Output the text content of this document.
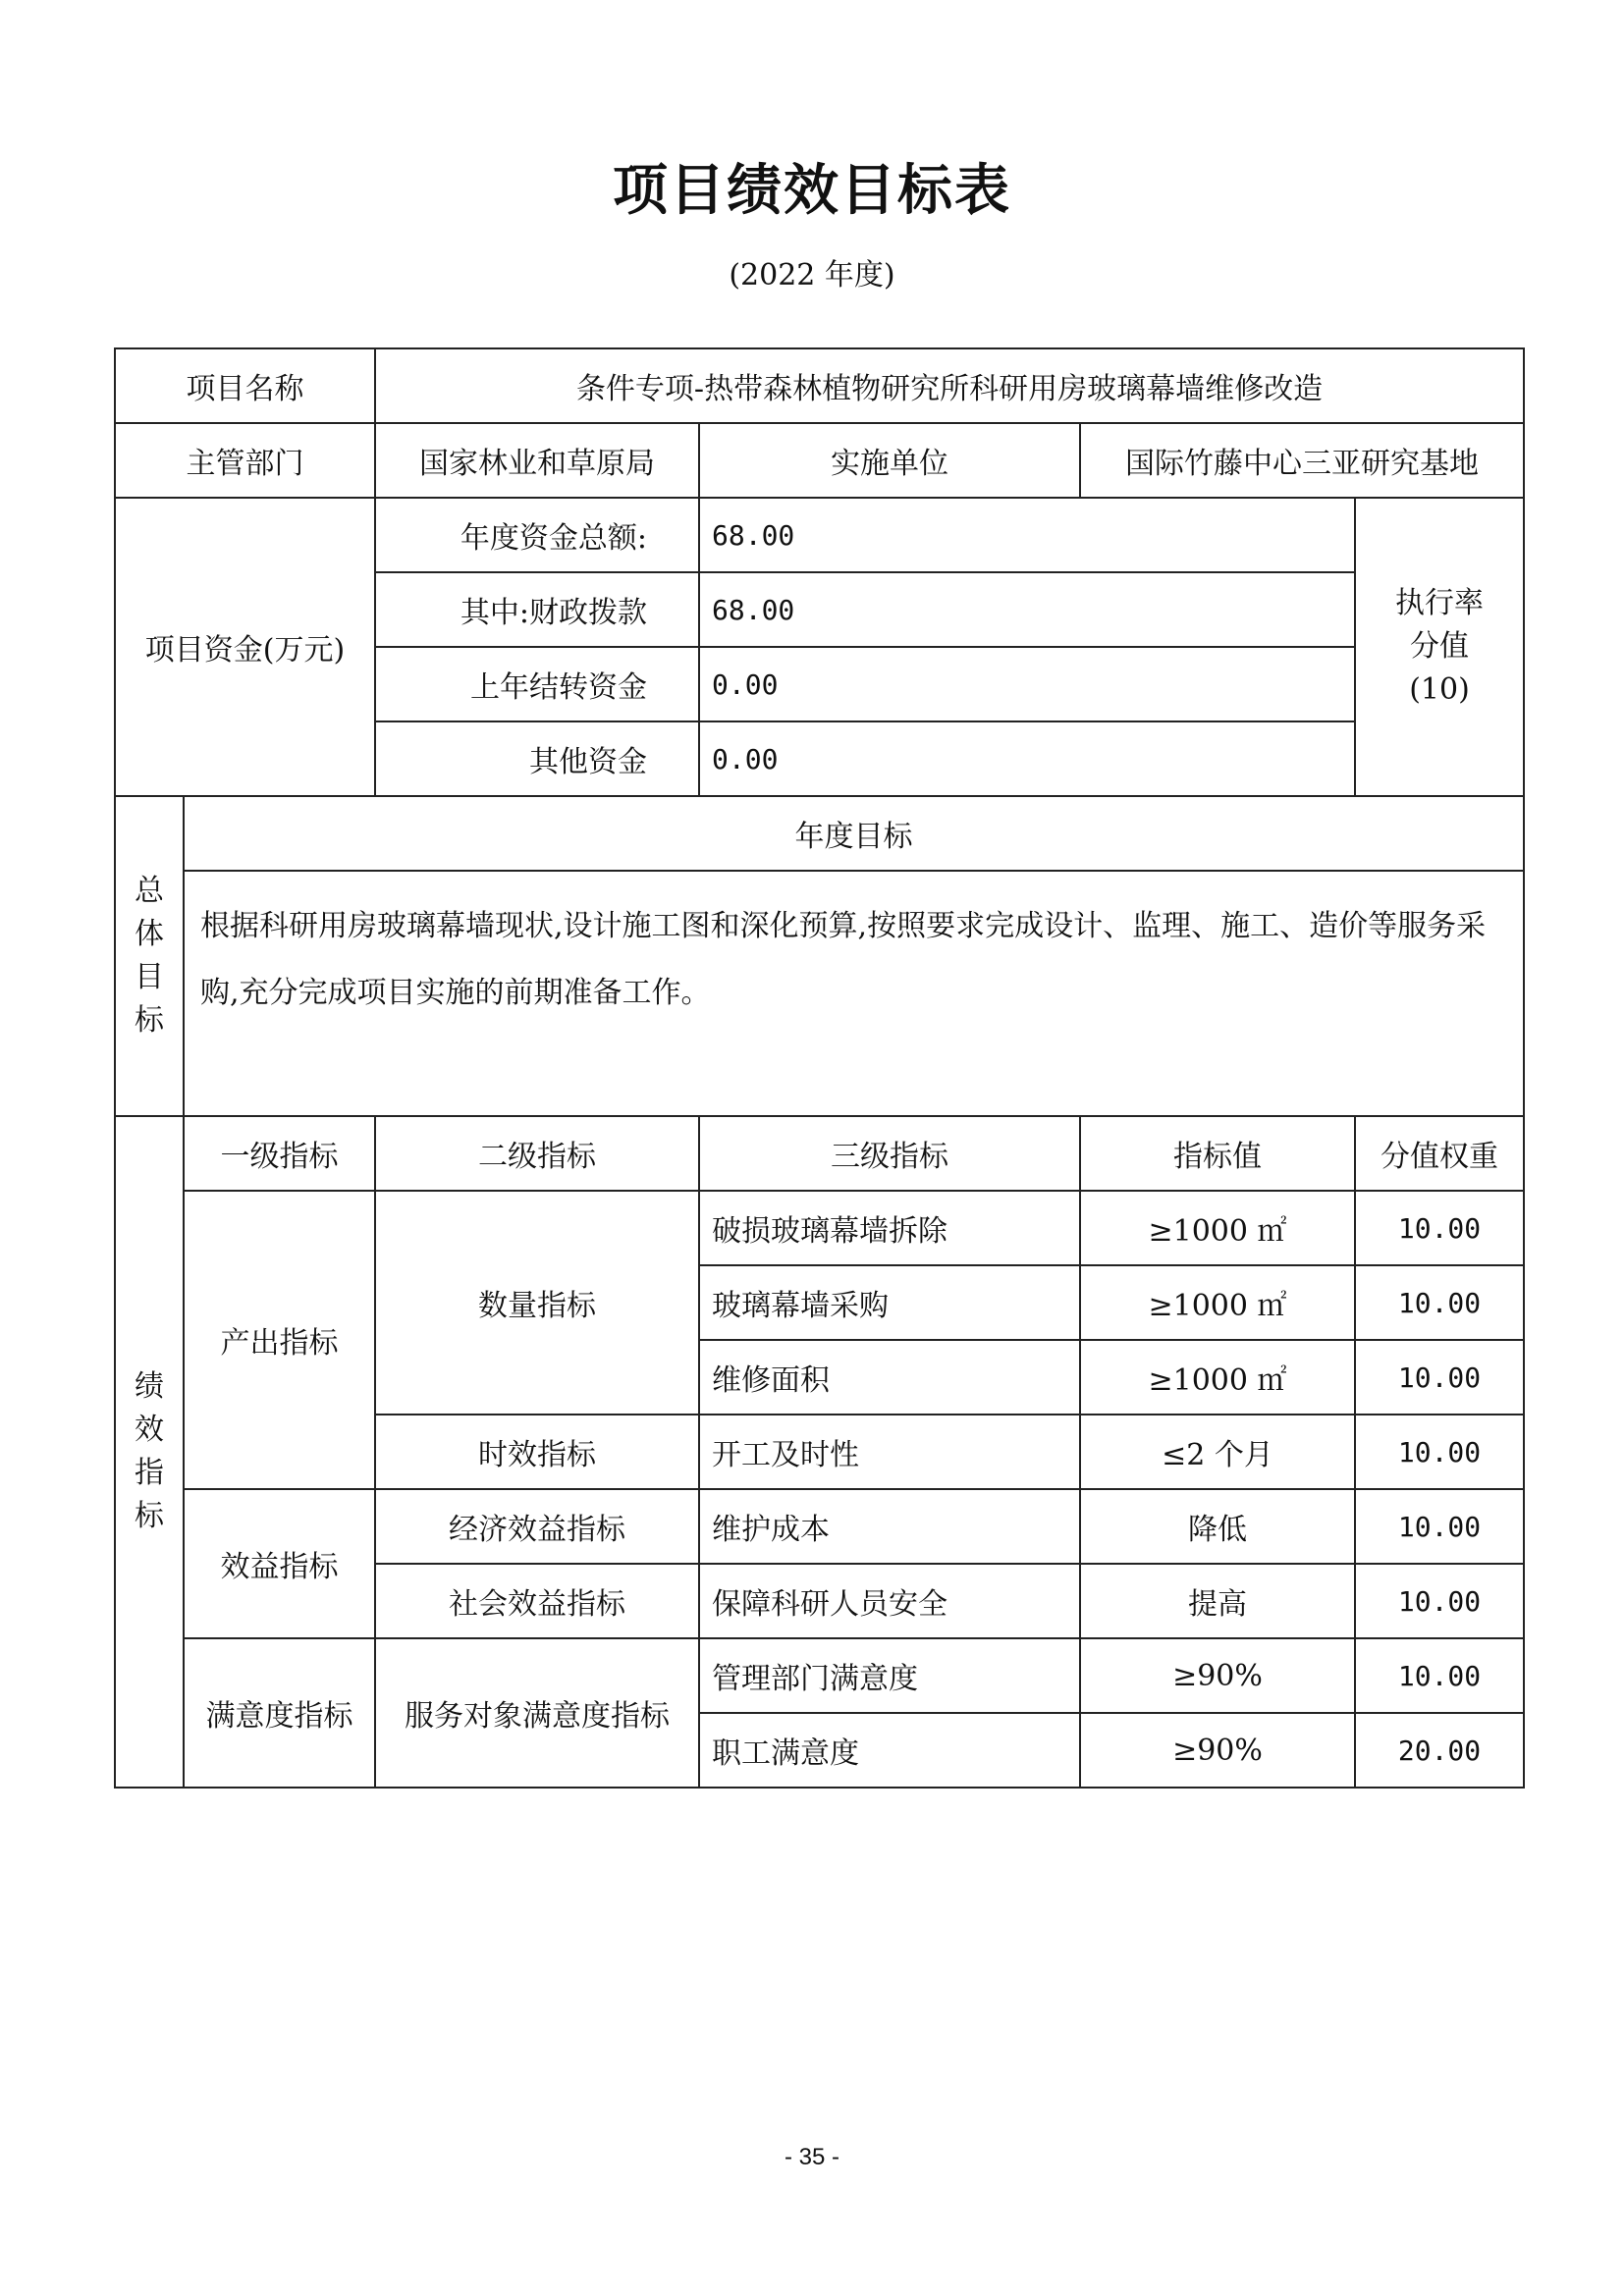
项目绩效目标表
(2022 年度)
项目名称		条件专项-热带森林植物研究所科研用房玻璃幕墙维修改造			
主管部门		国家林业和草原局	实施单位	国际竹藤中心三亚研究基地	
项目资金(万元)		年度资金总额:	68.00		执行率
分值
(10)

		其中:财政拨款	68.00		
		上年结转资金	0.00		
		其他资金	0.00		

总
体
目
标	年度目标				
	根据科研用房玻璃幕墙现状,设计施工图和深化预算,按照要求完成设计、监理、施工、造价等服务采购,充分完成项目实施的前期准备工作。				

绩
效
指
标	一级指标	二级指标	三级指标	指标值	分值权重
	产出指标	数量指标	破损玻璃幕墙拆除	≥1000 ㎡	10.00
			玻璃幕墙采购	≥1000 ㎡	10.00
			维修面积	≥1000 ㎡	10.00
		时效指标	开工及时性	≤2 个月	10.00
	效益指标	经济效益指标	维护成本	降低	10.00
		社会效益指标	保障科研人员安全	提高	10.00
	满意度指标	服务对象满意度指标	管理部门满意度	≥90%	10.00
			职工满意度	≥90%	20.00
- 35 -
